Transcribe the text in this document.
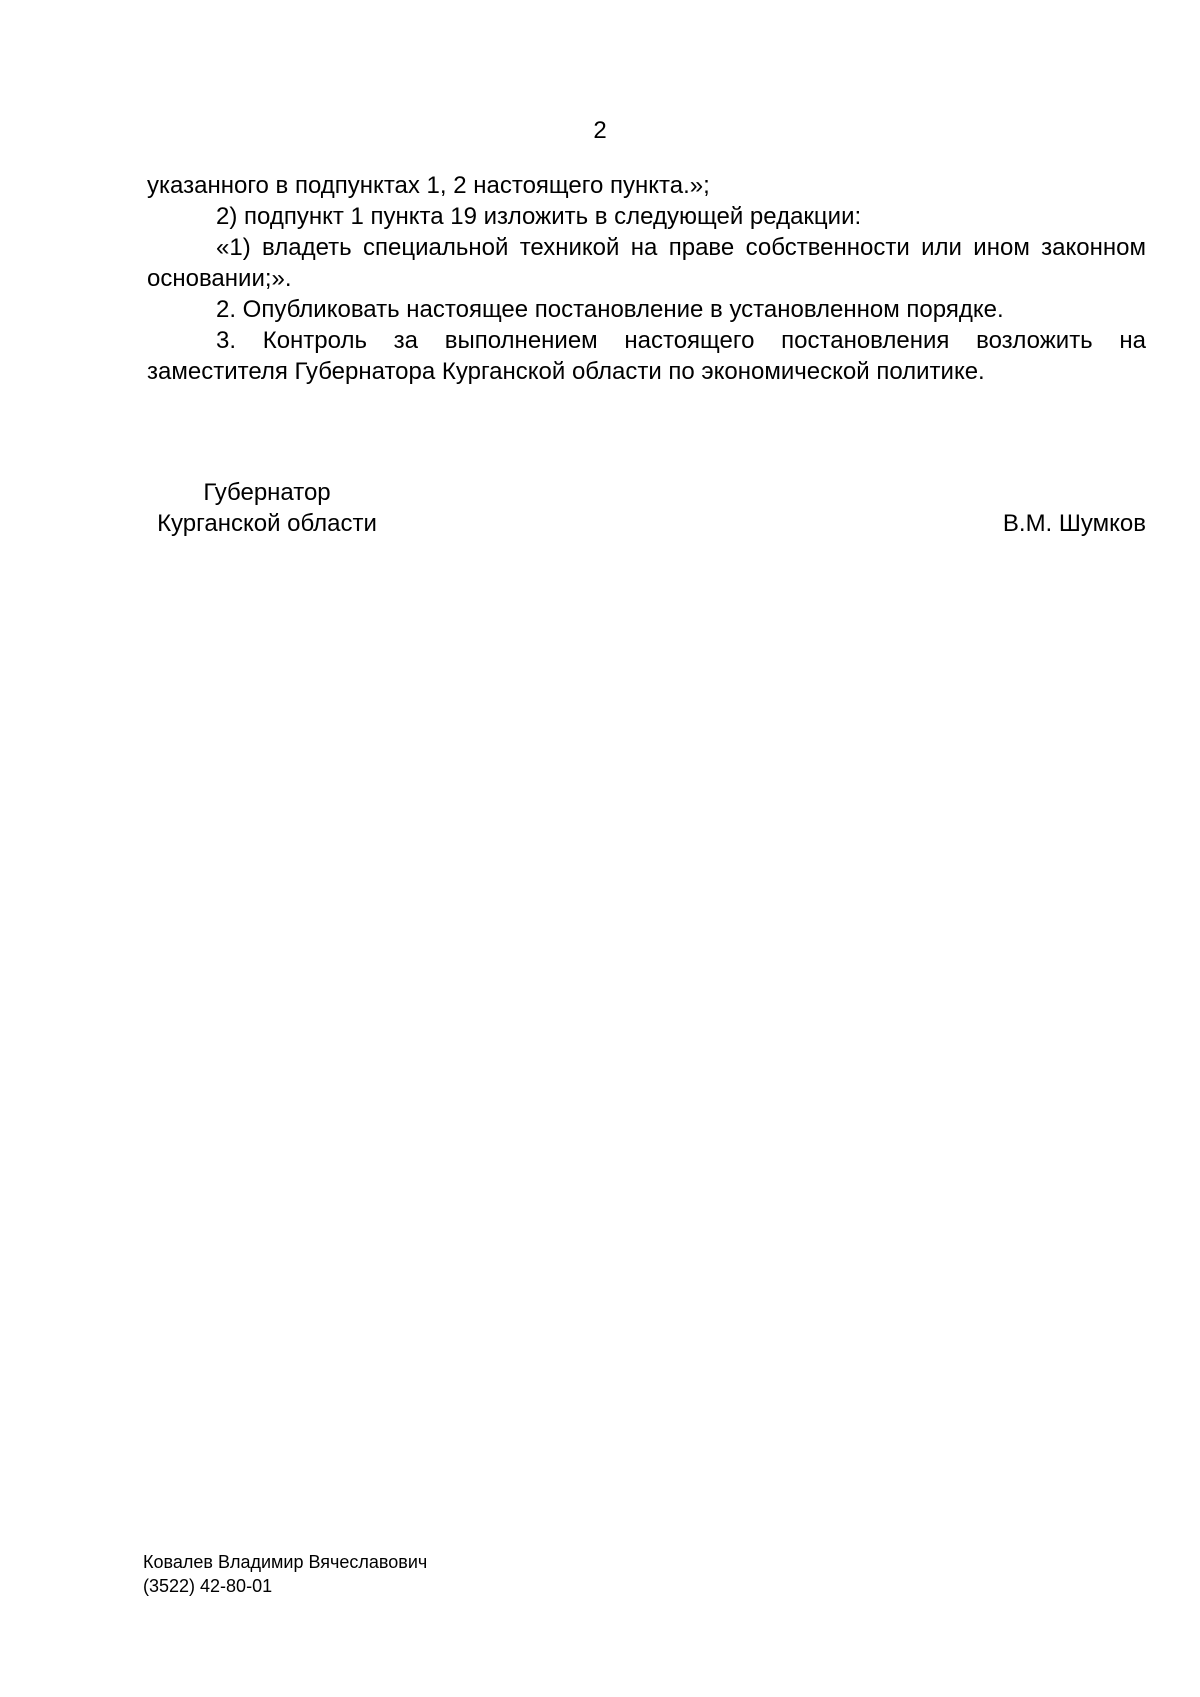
2

указанного в подпунктах 1, 2 настоящего пункта.»;

2) подпункт 1 пункта 19 изложить в следующей редакции:

«1) владеть специальной техникой на праве собственности или ином законном основании;».

2. Опубликовать настоящее постановление в установленном порядке.

3. Контроль за выполнением настоящего постановления возложить на заместителя Губернатора Курганской области по экономической политике.

Губернатор
Курганской области	В.М. Шумков
Ковалев Владимир Вячеславович
(3522) 42-80-01
